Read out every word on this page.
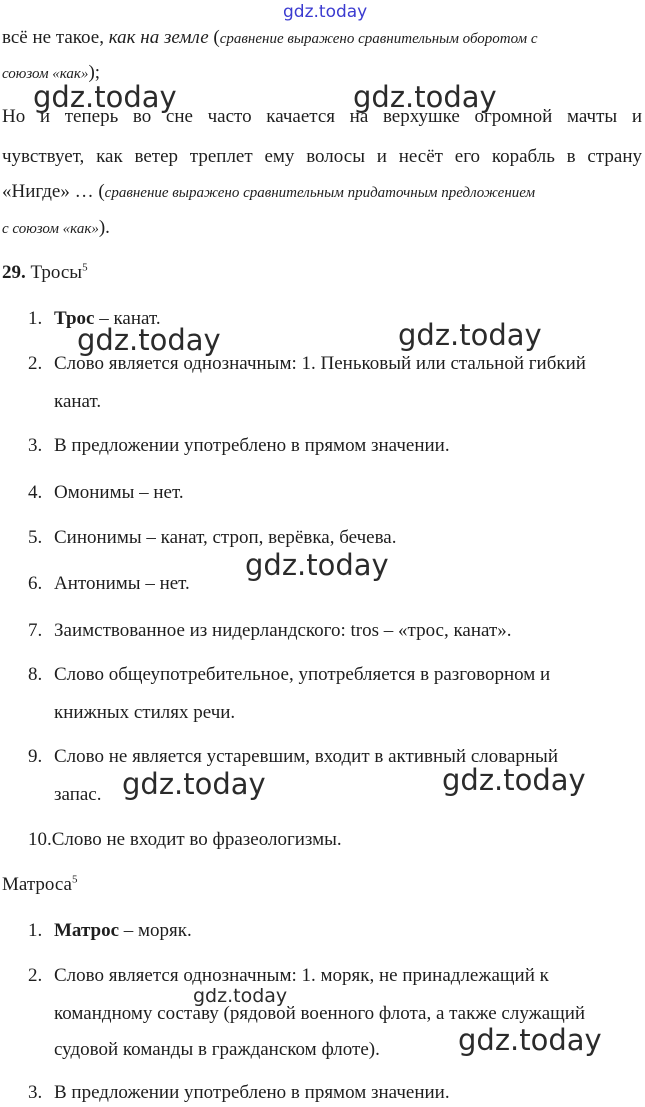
всё не такое, как на земле (сравнение выражено сравнительным оборотом с
союзом «как»);
Но и теперь во сне часто качается на верхушке огромной мачты и
чувствует, как ветер треплет ему волосы и несёт его корабль в страну
«Нигде» … (сравнение выражено сравнительным придаточным предложением
с союзом «как»).
29. Тросы$^5$
1. Трос – канат.
2. Слово является однозначным: 1. Пеньковый или стальной гибкий
канат.
3. В предложении употреблено в прямом значении.
4. Омонимы – нет.
5. Синонимы – канат, строп, верёвка, бечева.
6. Антонимы – нет.
7. Заимствованное из нидерландского: tros – «трос, канат».
8. Слово общеупотребительное, употребляется в разговорном и
книжных стилях речи.
9. Слово не является устаревшим, входит в активный словарный
запас.
10.Слово не входит во фразеологизмы.
Матроса$^5$
1. Матрос – моряк.
2. Слово является однозначным: 1. моряк, не принадлежащий к
командному составу (рядовой военного флота, а также служащий
судовой команды в гражданском флоте).
3. В предложении употреблено в прямом значении.
gdz.today
gdz.today	gdz.today
gdz.today	gdz.today
gdz.today
gdz.today	gdz.today
gdz.today
gdz.today
